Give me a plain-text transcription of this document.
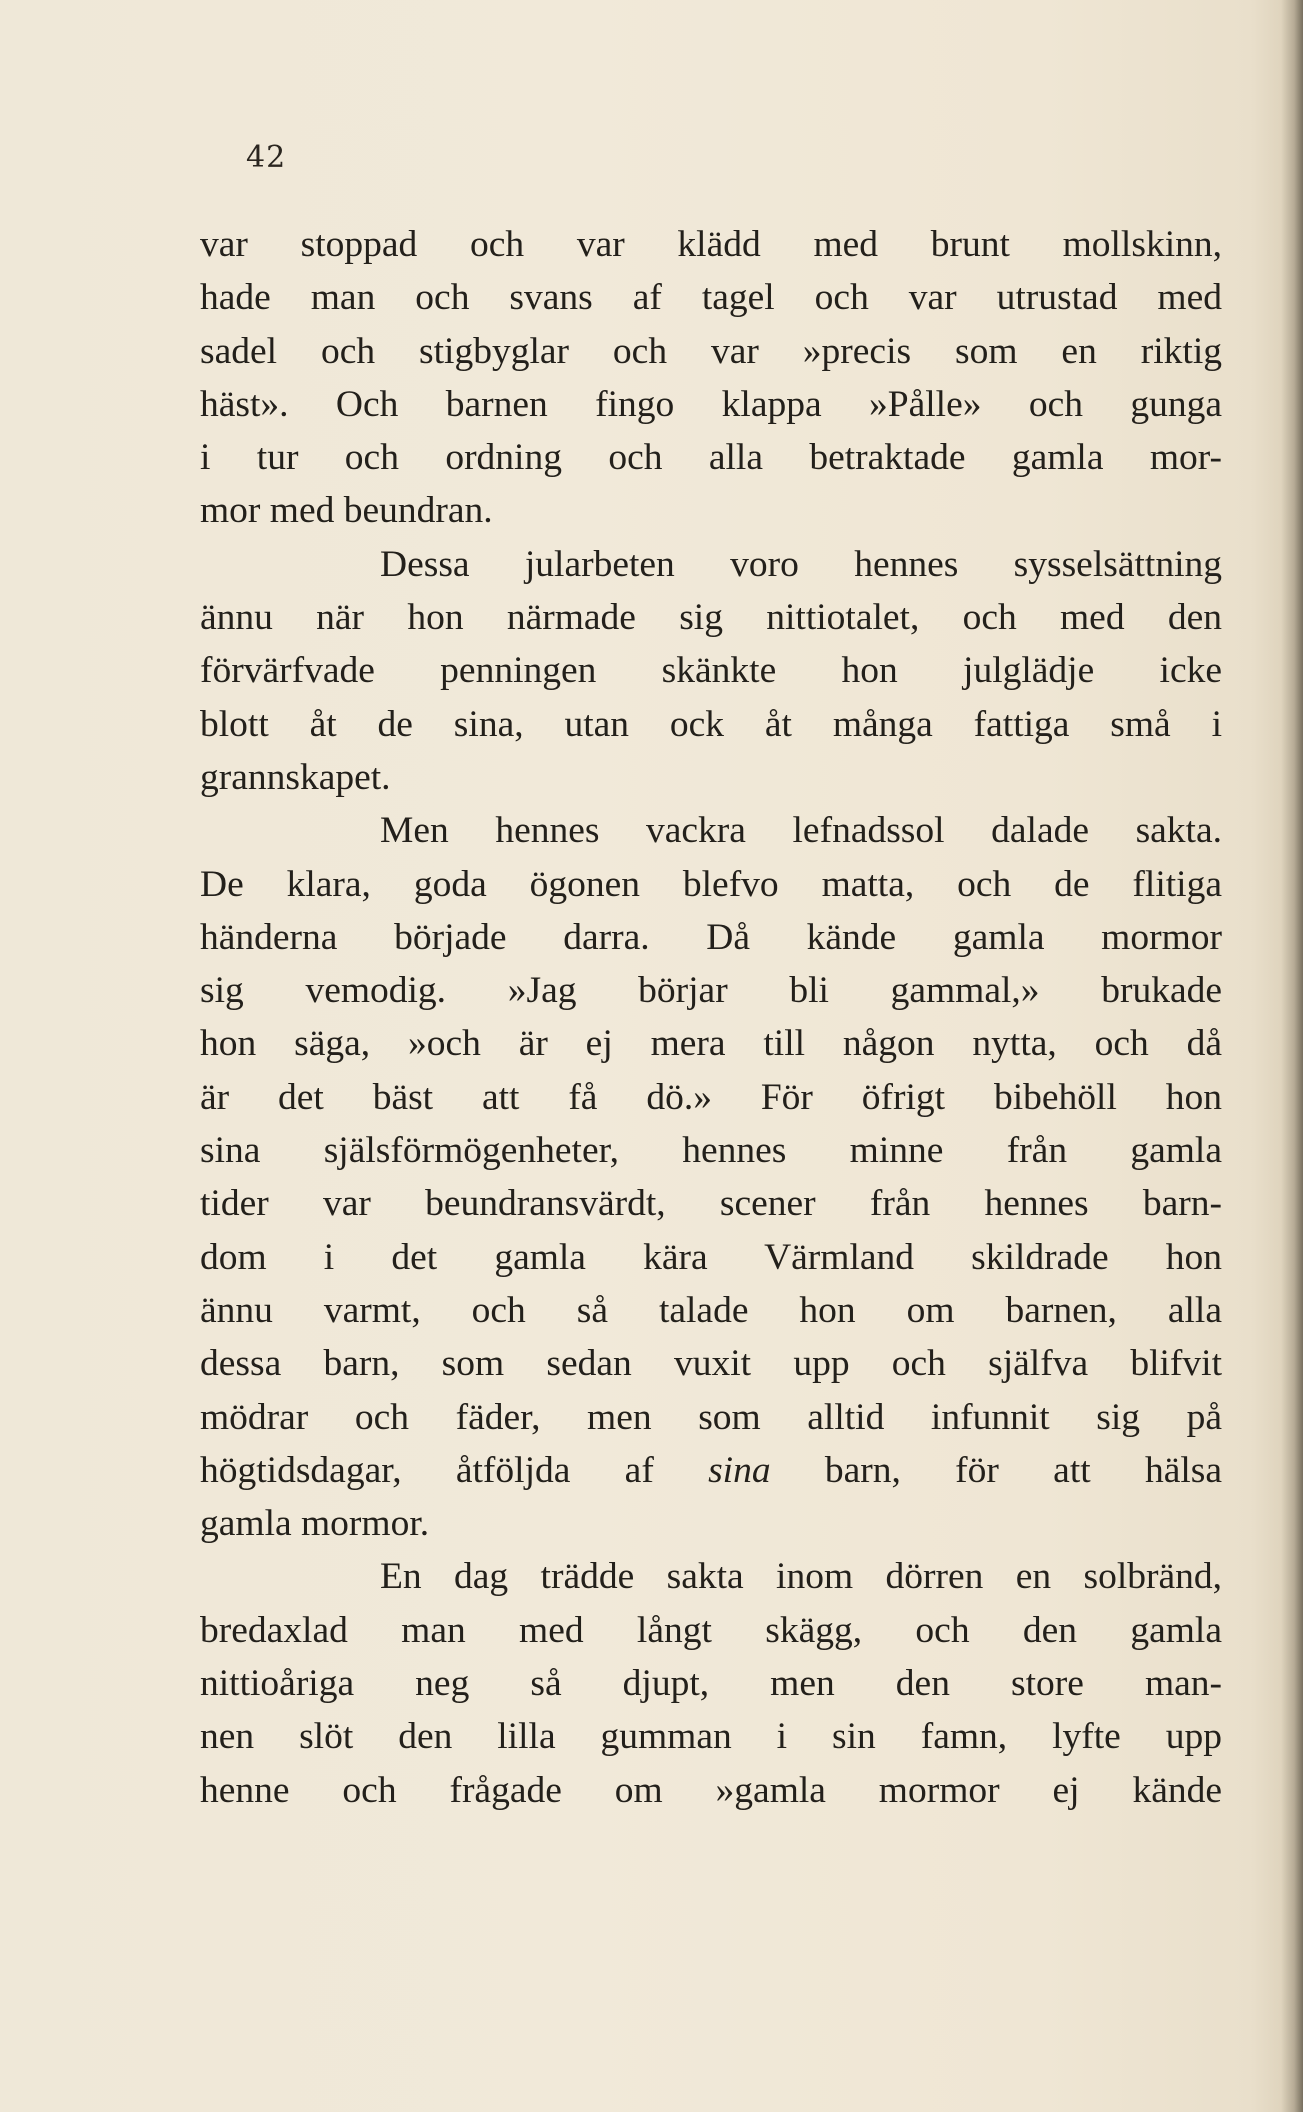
42
var stoppad och var klädd med brunt mollskinn,
hade man och svans af tagel och var utrustad med
sadel och stigbyglar och var »precis som en riktig
häst». Och barnen fingo klappa »Pålle» och gunga
i tur och ordning och alla betraktade gamla mor-
mor med beundran.
Dessa jularbeten voro hennes sysselsättning
ännu när hon närmade sig nittiotalet, och med den
förvärfvade penningen skänkte hon julglädje icke
blott åt de sina, utan ock åt många fattiga små i
grannskapet.
Men hennes vackra lefnadssol dalade sakta.
De klara, goda ögonen blefvo matta, och de flitiga
händerna började darra. Då kände gamla mormor
sig vemodig. »Jag börjar bli gammal,» brukade
hon säga, »och är ej mera till någon nytta, och då
är det bäst att få dö.» För öfrigt bibehöll hon
sina själsförmögenheter, hennes minne från gamla
tider var beundransvärdt, scener från hennes barn-
dom i det gamla kära Värmland skildrade hon
ännu varmt, och så talade hon om barnen, alla
dessa barn, som sedan vuxit upp och själfva blifvit
mödrar och fäder, men som alltid infunnit sig på
högtidsdagar, åtföljda af sina barn, för att hälsa
gamla mormor.
En dag trädde sakta inom dörren en solbränd,
bredaxlad man med långt skägg, och den gamla
nittioåriga neg så djupt, men den store man-
nen slöt den lilla gumman i sin famn, lyfte upp
henne och frågade om »gamla mormor ej kände
